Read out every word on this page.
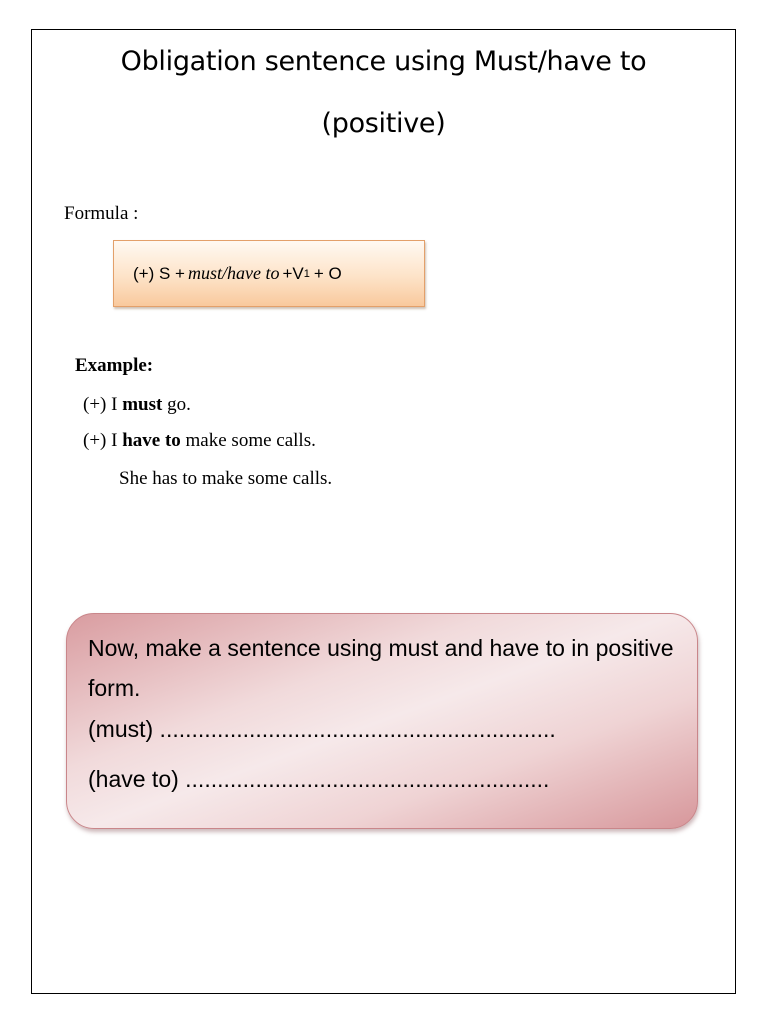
Obligation sentence using Must/have to
(positive)
Formula :
(+) S + must/have to +V 1 + O
Example:
(+) I must go.
(+) I have to make some calls.
She has to make some calls.

Now, make a sentence using must and have to in positive form.

(must) ..............................................................
(have to) .........................................................
